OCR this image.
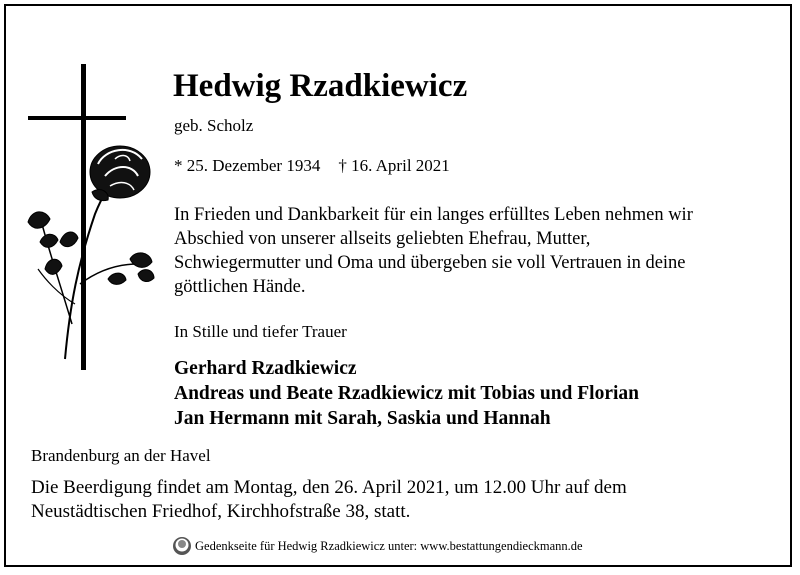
Hedwig Rzadkiewicz
geb. Scholz
* 25. Dezember 1934 † 16. April 2021
In Frieden und Dankbarkeit für ein langes erfülltes Leben nehmen wir
Abschied von unserer allseits geliebten Ehefrau, Mutter,
Schwiegermutter und Oma und übergeben sie voll Vertrauen in deine
göttlichen Hände.
In Stille und tiefer Trauer
Gerhard Rzadkiewicz
Andreas und Beate Rzadkiewicz mit Tobias und Florian
Jan Hermann mit Sarah, Saskia und Hannah
Brandenburg an der Havel
Die Beerdigung findet am Montag, den 26. April 2021, um 12.00 Uhr auf dem
Neustädtischen Friedhof, Kirchhofstraße 38, statt.
Gedenkseite für Hedwig Rzadkiewicz unter: www.bestattungendieckmann.de
